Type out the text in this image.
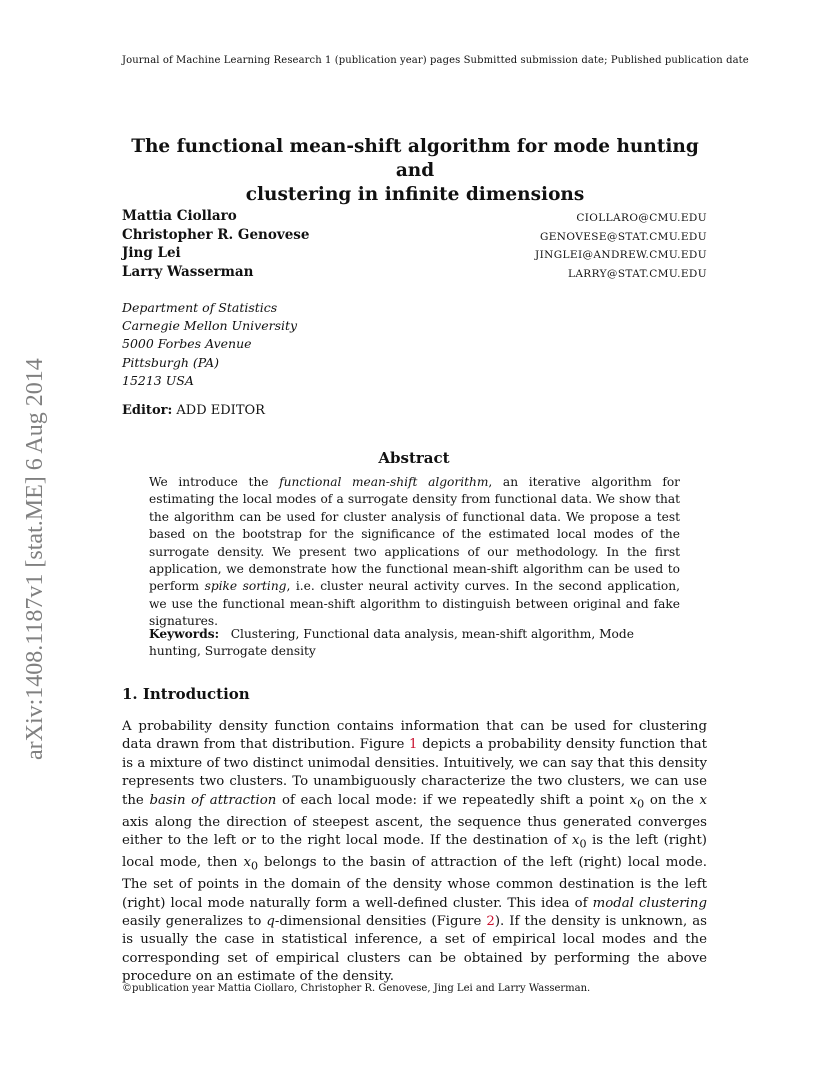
Journal of Machine Learning Research 1 (publication year) pages Submitted submission date; Published publication date
arXiv:1408.1187v1 [stat.ME] 6 Aug 2014
The functional mean-shift algorithm for mode hunting and
clustering in infinite dimensions
Mattia Ciollaro
Christopher R. Genovese
Jing Lei
Larry Wasserman
CIOLLARO@CMU.EDU
GENOVESE@STAT.CMU.EDU
JINGLEI@ANDREW.CMU.EDU
LARRY@STAT.CMU.EDU
Department of Statistics
Carnegie Mellon University
5000 Forbes Avenue
Pittsburgh (PA)
15213 USA
Editor: ADD EDITOR
Abstract

We introduce the functional mean-shift algorithm, an iterative algorithm for estimating the local modes of a surrogate density from functional data. We show that the algorithm can be used for cluster analysis of functional data. We propose a test based on the bootstrap for the significance of the estimated local modes of the surrogate density. We present two applications of our methodology. In the first application, we demonstrate how the functional mean-shift algorithm can be used to perform spike sorting, i.e. cluster neural activity curves. In the second application, we use the functional mean-shift algorithm to distinguish between original and fake signatures.

Keywords: Clustering, Functional data analysis, mean-shift algorithm, Mode hunting, Surrogate density

1. Introduction

A probability density function contains information that can be used for clustering data drawn from that distribution. Figure 1 depicts a probability density function that is a mixture of two distinct unimodal densities. Intuitively, we can say that this density represents two clusters. To unambiguously characterize the two clusters, we can use the basin of attraction of each local mode: if we repeatedly shift a point $x_0$ on the x axis along the direction of steepest ascent, the sequence thus generated converges either to the left or to the right local mode. If the destination of $x_0$ is the left (right) local mode, then $x_0$ belongs to the basin of attraction of the left (right) local mode. The set of points in the domain of the density whose common destination is the left (right) local mode naturally form a well-defined cluster. This idea of modal clustering easily generalizes to q-dimensional densities (Figure 2). If the density is unknown, as is usually the case in statistical inference, a set of empirical local modes and the corresponding set of empirical clusters can be obtained by performing the above procedure on an estimate of the density.

©publication year Mattia Ciollaro, Christopher R. Genovese, Jing Lei and Larry Wasserman.
